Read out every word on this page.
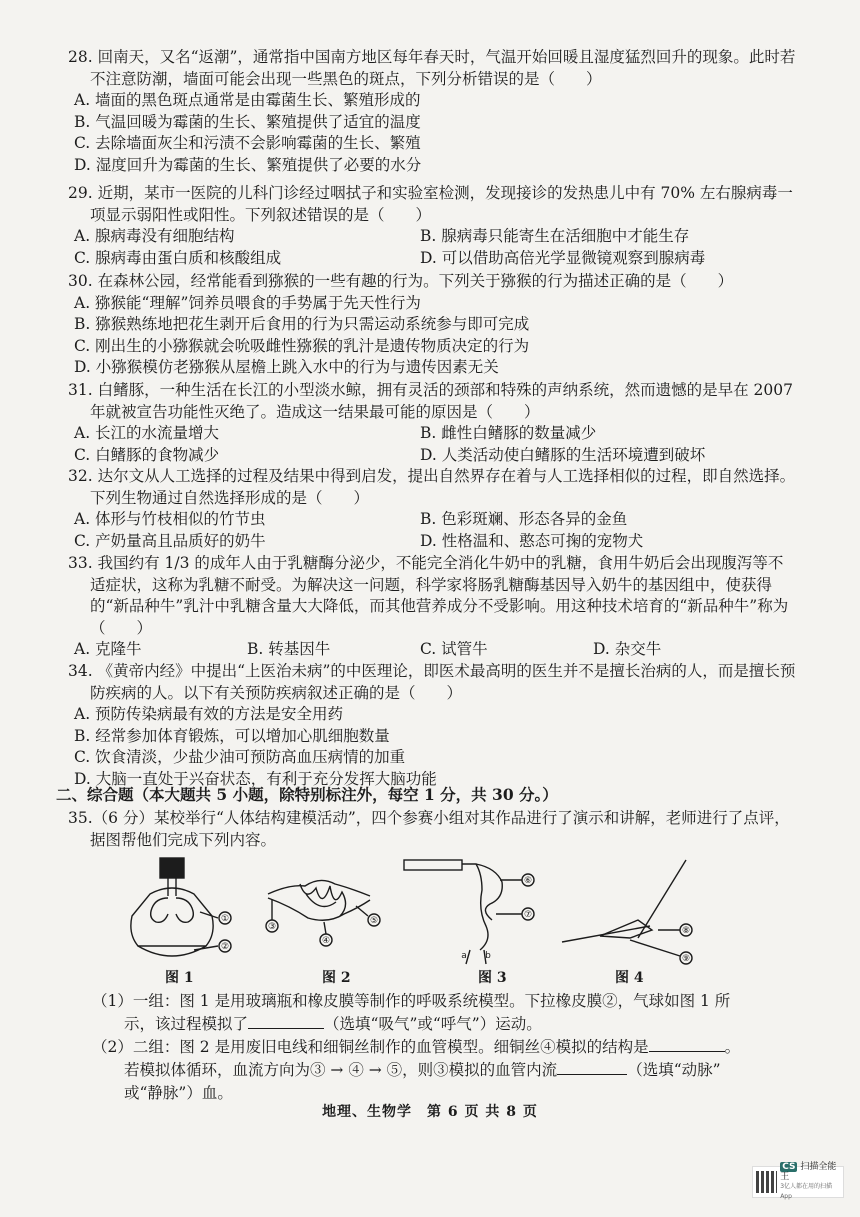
28. 回南天，又名“返潮”，通常指中国南方地区每年春天时，气温开始回暖且湿度猛烈回升的现象。此时若不注意防潮，墙面可能会出现一些黑色的斑点，下列分析错误的是（　　）

A. 墙面的黑色斑点通常是由霉菌生长、繁殖形成的
B. 气温回暖为霉菌的生长、繁殖提供了适宜的温度
C. 去除墙面灰尘和污渍不会影响霉菌的生长、繁殖
D. 湿度回升为霉菌的生长、繁殖提供了必要的水分

29. 近期，某市一医院的儿科门诊经过咽拭子和实验室检测，发现接诊的发热患儿中有 70% 左右腺病毒一项显示弱阳性或阳性。下列叙述错误的是（　　）

A. 腺病毒没有细胞结构	B. 腺病毒只能寄生在活细胞中才能生存
C. 腺病毒由蛋白质和核酸组成	D. 可以借助高倍光学显微镜观察到腺病毒

30. 在森林公园，经常能看到猕猴的一些有趣的行为。下列关于猕猴的行为描述正确的是（　　）

A. 猕猴能“理解”饲养员喂食的手势属于先天性行为
B. 猕猴熟练地把花生剥开后食用的行为只需运动系统参与即可完成
C. 刚出生的小猕猴就会吮吸雌性猕猴的乳汁是遗传物质决定的行为
D. 小猕猴模仿老猕猴从屋檐上跳入水中的行为与遗传因素无关

31. 白鳍豚，一种生活在长江的小型淡水鲸，拥有灵活的颈部和特殊的声纳系统，然而遗憾的是早在 2007 年就被宣告功能性灭绝了。造成这一结果最可能的原因是（　　）

A. 长江的水流量增大	B. 雌性白鳍豚的数量减少
C. 白鳍豚的食物减少	D. 人类活动使白鳍豚的生活环境遭到破坏

32. 达尔文从人工选择的过程及结果中得到启发，提出自然界存在着与人工选择相似的过程，即自然选择。下列生物通过自然选择形成的是（　　）

A. 体形与竹枝相似的竹节虫	B. 色彩斑斓、形态各异的金鱼
C. 产奶量高且品质好的奶牛	D. 性格温和、憨态可掬的宠物犬

33. 我国约有 1/3 的成年人由于乳糖酶分泌少，不能完全消化牛奶中的乳糖，食用牛奶后会出现腹泻等不适症状，这称为乳糖不耐受。为解决这一问题，科学家将肠乳糖酶基因导入奶牛的基因组中，使获得的“新品种牛”乳汁中乳糖含量大大降低，而其他营养成分不受影响。用这种技术培育的“新品种牛”称为（　　）

A. 克隆牛	B. 转基因牛	C. 试管牛	D. 杂交牛

34. 《黄帝内经》中提出“上医治未病”的中医理论，即医术最高明的医生并不是擅长治病的人，而是擅长预防疾病的人。以下有关预防疾病叙述正确的是（　　）

A. 预防传染病最有效的方法是安全用药
B. 经常参加体育锻炼，可以增加心肌细胞数量
C. 饮食清淡，少盐少油可预防高血压病情的加重
D. 大脑一直处于兴奋状态，有利于充分发挥大脑功能
二、综合题（本大题共 5 小题，除特别标注外，每空 1 分，共 30 分。）

35.（6 分）某校举行“人体结构建模活动”，四个参赛小组对其作品进行了演示和讲解，老师进行了点评，据图帮他们完成下列内容。

①
②
③
④
⑤
⑥
⑦
⑧
⑨
a b
图 1	图 2	图 3	图 4
（1）一组：图 1 是用玻璃瓶和橡皮膜等制作的呼吸系统模型。下拉橡皮膜②，气球如图 1 所
示，该过程模拟了	（选填“吸气”或“呼气”）运动。
（2）二组：图 2 是用废旧电线和细铜丝制作的血管模型。细铜丝④模拟的结构是	。
若模拟体循环，血流方向为③ → ④ → ⑤，则③模拟的血管内流	（选填“动脉”
或“静脉”）血。
地理、生物学　第 6 页 共 8 页
CS 扫描全能王
3亿人都在用的扫描App
